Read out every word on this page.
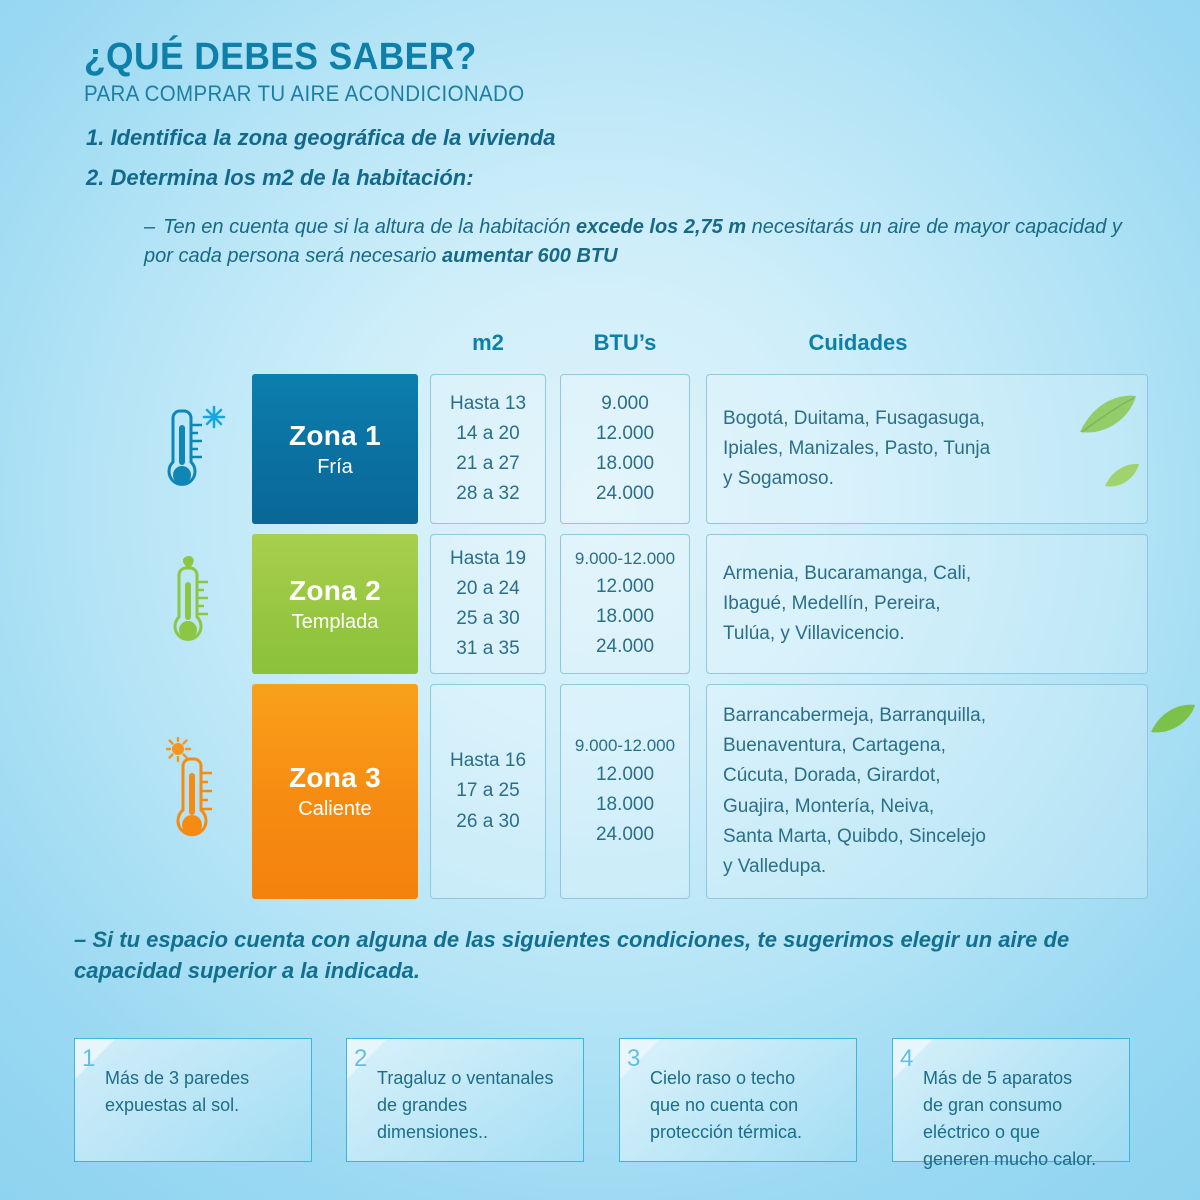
¿QUÉ DEBES SABER?
PARA COMPRAR TU AIRE ACONDICIONADO
1. Identifica la zona geográfica de la vivienda
2. Determina los m2 de la habitación:
– Ten en cuenta que si la altura de la habitación excede los 2,75 m necesitarás un aire de mayor capacidad y por cada persona será necesario aumentar 600 BTU
m2	BTU’s	Cuidades
Zona 1
Fría
Hasta 13
14 a 20
21 a 27
28 a 32
9.000
12.000
18.000
24.000
Bogotá, Duitama, Fusagasuga,
Ipiales, Manizales, Pasto, Tunja
y Sogamoso.
Zona 2
Templada
Hasta 19
20 a 24
25 a 30
31 a 35
9.000-12.000
12.000
18.000
24.000
Armenia, Bucaramanga, Cali,
Ibagué, Medellín, Pereira,
Tulúa, y Villavicencio.
Zona 3
Caliente
Hasta 16
17 a 25
26 a 30
9.000-12.000
12.000
18.000
24.000
Barrancabermeja, Barranquilla,
Buenaventura, Cartagena,
Cúcuta, Dorada, Girardot,
Guajira, Montería, Neiva,
Santa Marta, Quibdo, Sincelejo
y Valledupa.
– Si tu espacio cuenta con alguna de las siguientes condiciones, te sugerimos elegir un aire de capacidad superior a la indicada.
1
Más de 3 paredes
expuestas al sol.
2
Tragaluz o ventanales
de grandes
dimensiones..
3
Cielo raso o techo
que no cuenta con
protección térmica.
4
Más de 5 aparatos
de gran consumo
eléctrico o que
generen mucho calor.
